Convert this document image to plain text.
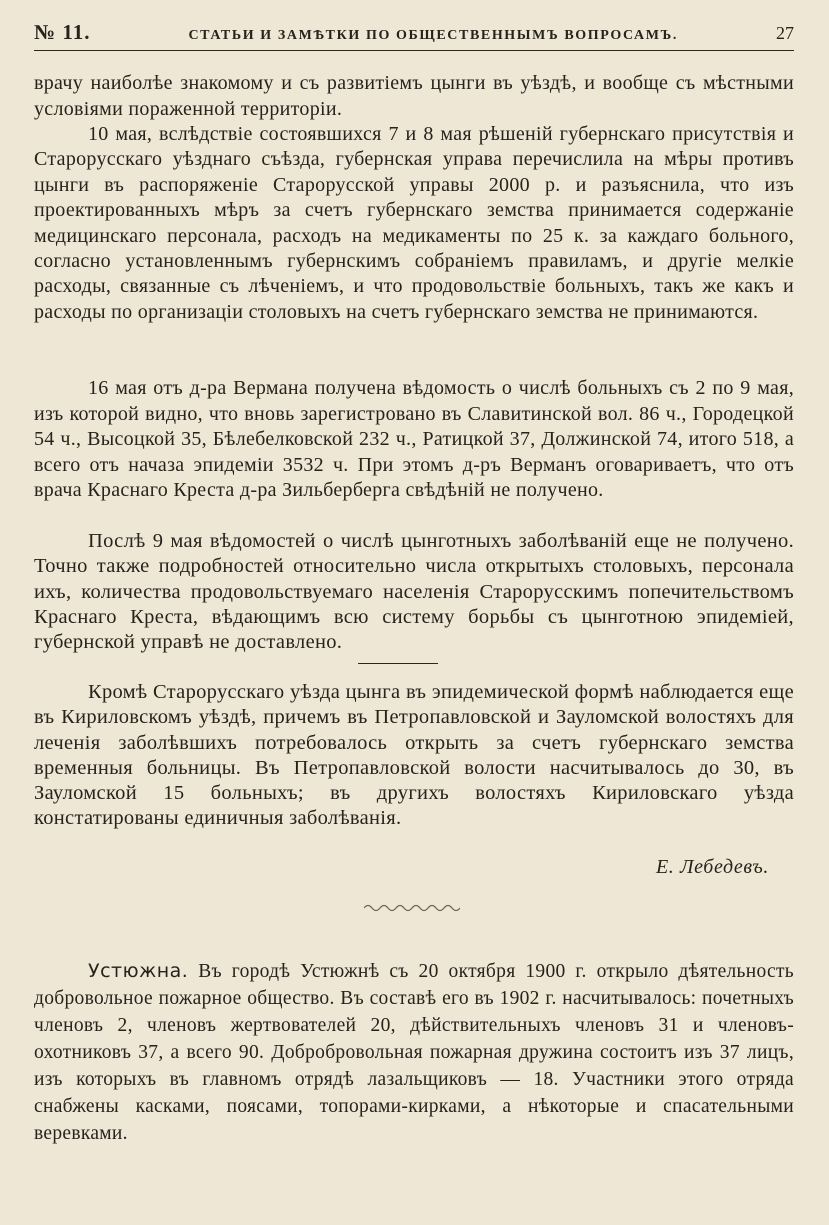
№ 11.	СТАТЬИ И ЗАМѢТКИ ПО ОБЩЕСТВЕННЫМЪ ВОПРОСАМЪ.	27

врачу наиболѣе знакомому и съ развитіемъ цынги въ уѣздѣ, и вообще съ мѣстными условіями пораженной территоріи.

10 мая, вслѣдствіе состоявшихся 7 и 8 мая рѣшеній губернскаго присутствія и Старорусскаго уѣзднаго съѣзда, губернская управа перечислила на мѣры противъ цынги въ распоряженіе Старорусской управы 2000 р. и разъяснила, что изъ проектированныхъ мѣръ за счетъ губернскаго земства принимается содержаніе медицинскаго персонала, расходъ на медикаменты по 25 к. за каждаго больного, согласно установленнымъ губернскимъ собраніемъ правиламъ, и другіе мелкіе расходы, связанные съ лѣченіемъ, и что продовольствіе больныхъ, такъ же какъ и расходы по организаціи столовыхъ на счетъ губернскаго земства не принимаются.

16 мая отъ д-ра Вермана получена вѣдомость о числѣ больныхъ съ 2 по 9 мая, изъ которой видно, что вновь зарегистровано въ Славитинской вол. 86 ч., Городецкой 54 ч., Высоцкой 35, Бѣлебелковской 232 ч., Ратицкой 37, Должинской 74, итого 518, а всего отъ начаза эпидеміи 3532 ч. При этомъ д-ръ Верманъ оговариваетъ, что отъ врача Краснаго Креста д-ра Зильберберга свѣдѣній не получено.

Послѣ 9 мая вѣдомостей о числѣ цынготныхъ заболѣваній еще не получено. Точно также подробностей относительно числа открытыхъ столовыхъ, персонала ихъ, количества продовольствуемаго населенія Старорусскимъ попечительствомъ Краснаго Креста, вѣдающимъ всю систему борьбы съ цынготною эпидеміей, губернской управѣ не доставлено.

Кромѣ Старорусскаго уѣзда цынга въ эпидемической формѣ наблюдается еще въ Кириловскомъ уѣздѣ, причемъ въ Петропавловской и Зауломской волостяхъ для леченія заболѣвшихъ потребовалось открыть за счетъ губернскаго земства временныя больницы. Въ Петропавловской волости насчитывалось до 30, въ Зауломской 15 больныхъ; въ другихъ волостяхъ Кириловскаго уѣзда констатированы единичныя заболѣванія.

Е. Лебедевъ.

Устюжна. Въ городѣ Устюжнѣ съ 20 октября 1900 г. открыло дѣятельность добровольное пожарное общество. Въ составѣ его въ 1902 г. насчитывалось: почетныхъ членовъ 2, членовъ жертвователей 20, дѣйствительныхъ членовъ 31 и членовъ-охотниковъ 37, а всего 90. Добробровольная пожарная дружина состоитъ изъ 37 лицъ, изъ которыхъ въ главномъ отрядѣ лазальщиковъ — 18. Участники этого отряда снабжены касками, поясами, топорами-кирками, а нѣкоторые и спасательными веревками.
